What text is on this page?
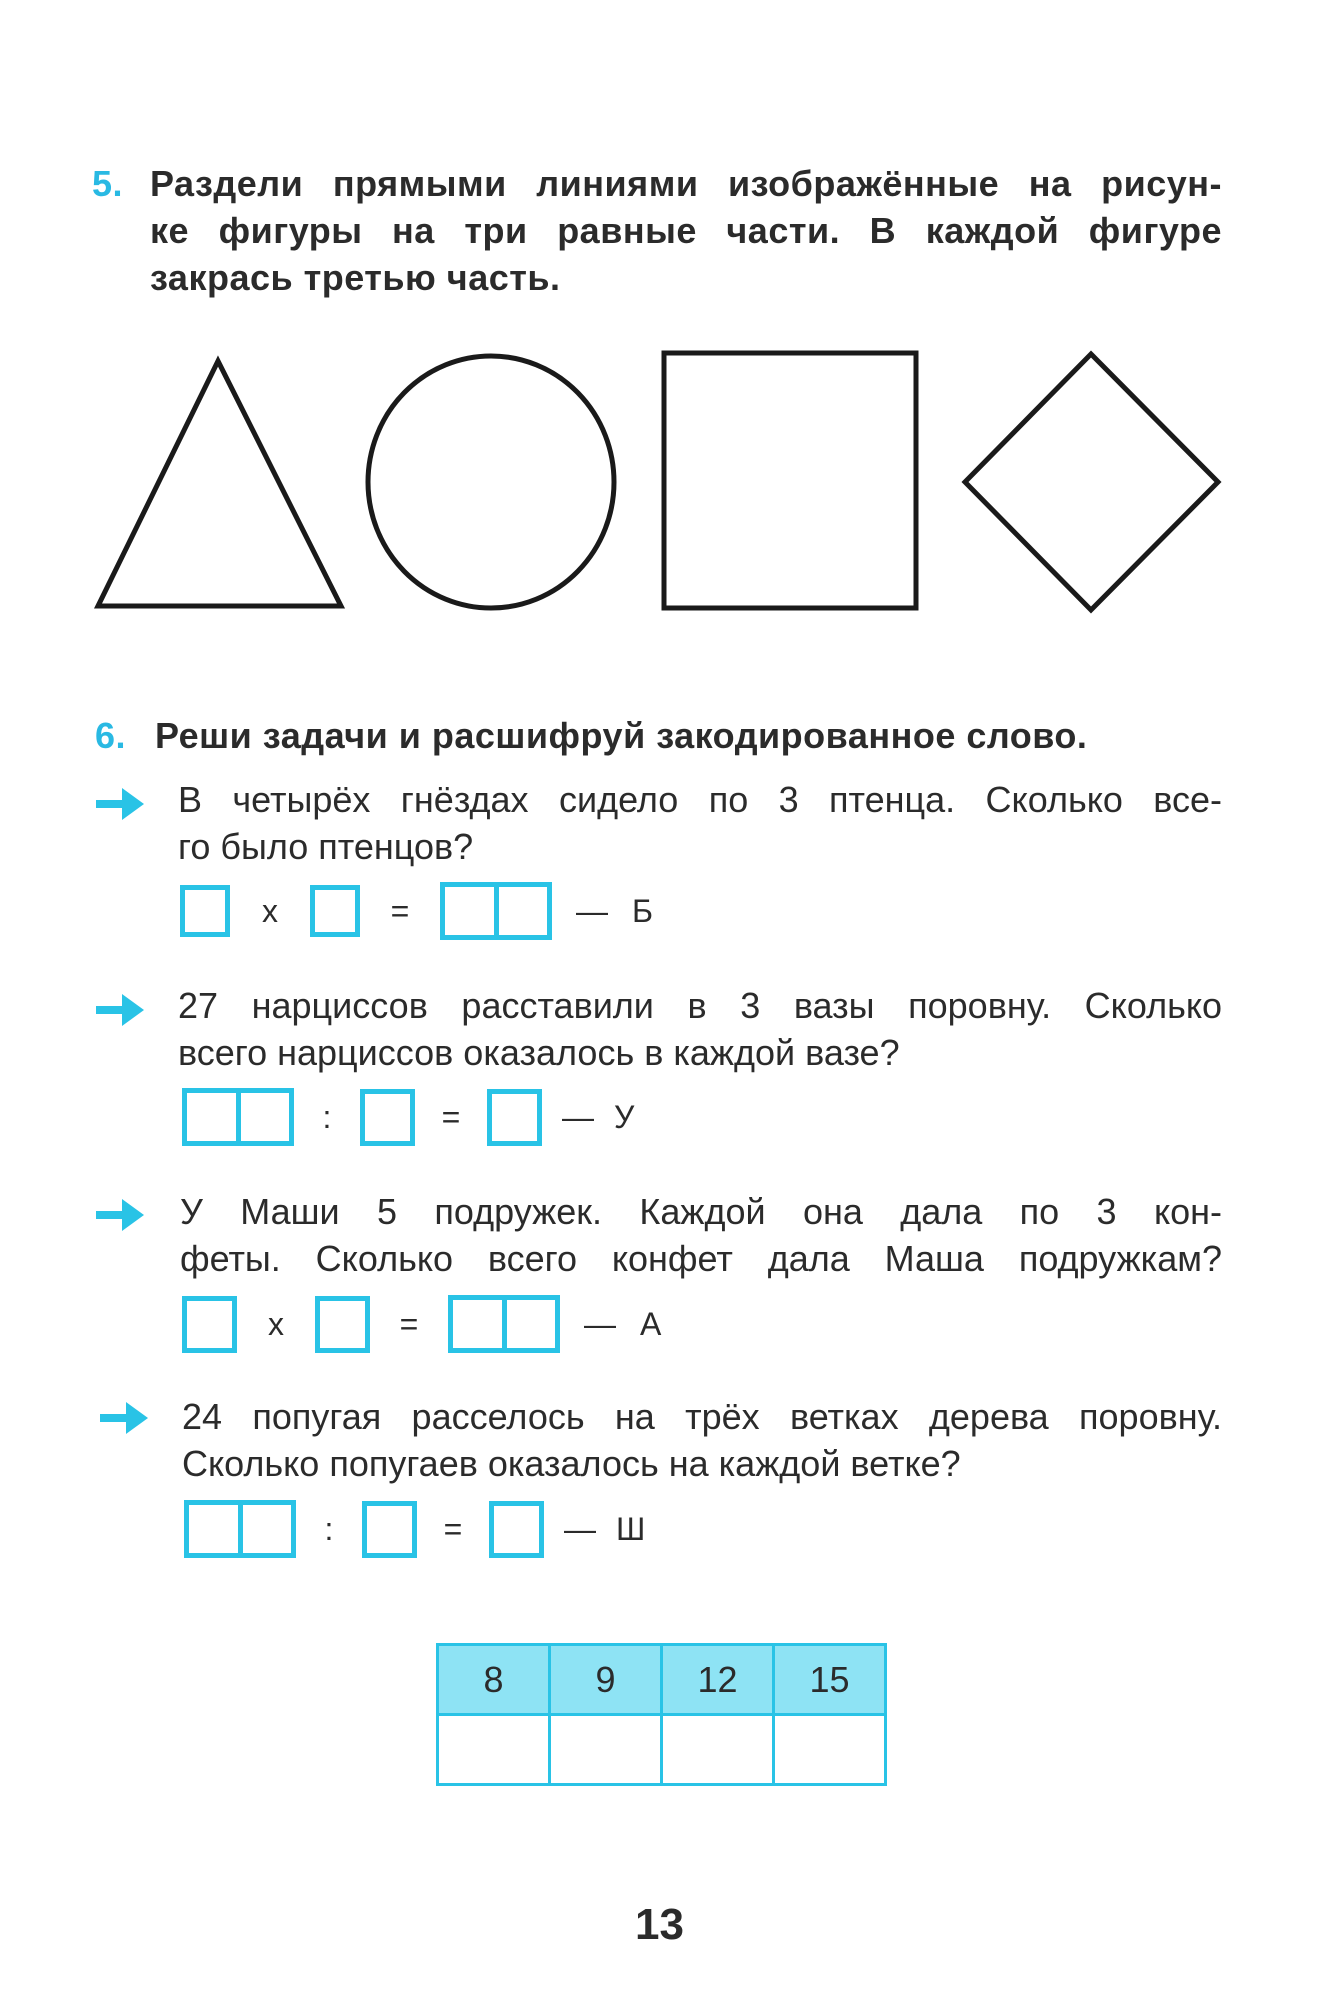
5. Раздели прямыми линиями изображённые на рисун-
ке фигуры на три равные части. В каждой фигуре
закрась третью часть.
6. Реши задачи и расшифруй закодированное слово.
В четырёх гнёздах сидело по 3 птенца. Сколько все-
го было птенцов?
x	=	— Б
27 нарциссов расставили в 3 вазы поровну. Сколько
всего нарциссов оказалось в каждой вазе?
:	=	— У
У Маши 5 подружек. Каждой она дала по 3 кон-
феты. Сколько всего конфет дала Маша подружкам?
x	=	— А
24 попугая расселось на трёх ветках дерева поровну.
Сколько попугаев оказалось на каждой ветке?
:	=	— Ш
8	9	12	15

13
